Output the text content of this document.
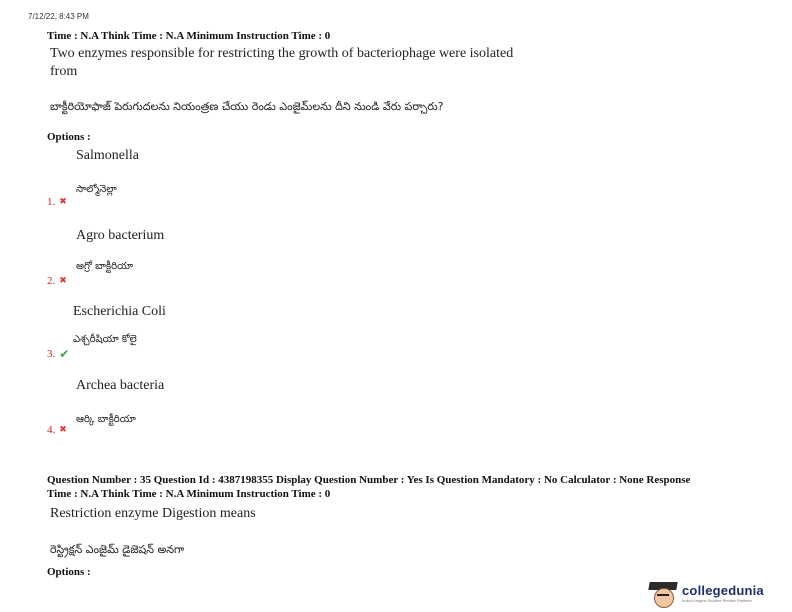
7/12/22, 8:43 PM
Time : N.A Think Time : N.A Minimum Instruction Time : 0
Two enzymes responsible for restricting the growth of bacteriophage were isolated
from
బాక్టీరియోఫాజ్ పెరుగుదలను నియంత్రణ చేయు రెండు ఎంజైమ్‌లను దీని నుండి వేరు పర్చారు?
Options :
Salmonella
సాల్మోనెల్లా
1. ✖
Agro bacterium
అగ్రో బాక్టీరియా
2. ✖
Escherichia Coli
ఎశ్చరీషియా కోలై
3. ✔
Archea bacteria
ఆర్కి బాక్టీరియా
4. ✖
Question Number : 35 Question Id : 4387198355 Display Question Number : Yes Is Question Mandatory : No Calculator : None Response
Time : N.A Think Time : N.A Minimum Instruction Time : 0
Restriction enzyme Digestion means
రెస్ట్రిక్షన్ ఎంజైమ్ డైజెషన్ అనగా
Options :
collegedunia
India's largest Student Review Platform
